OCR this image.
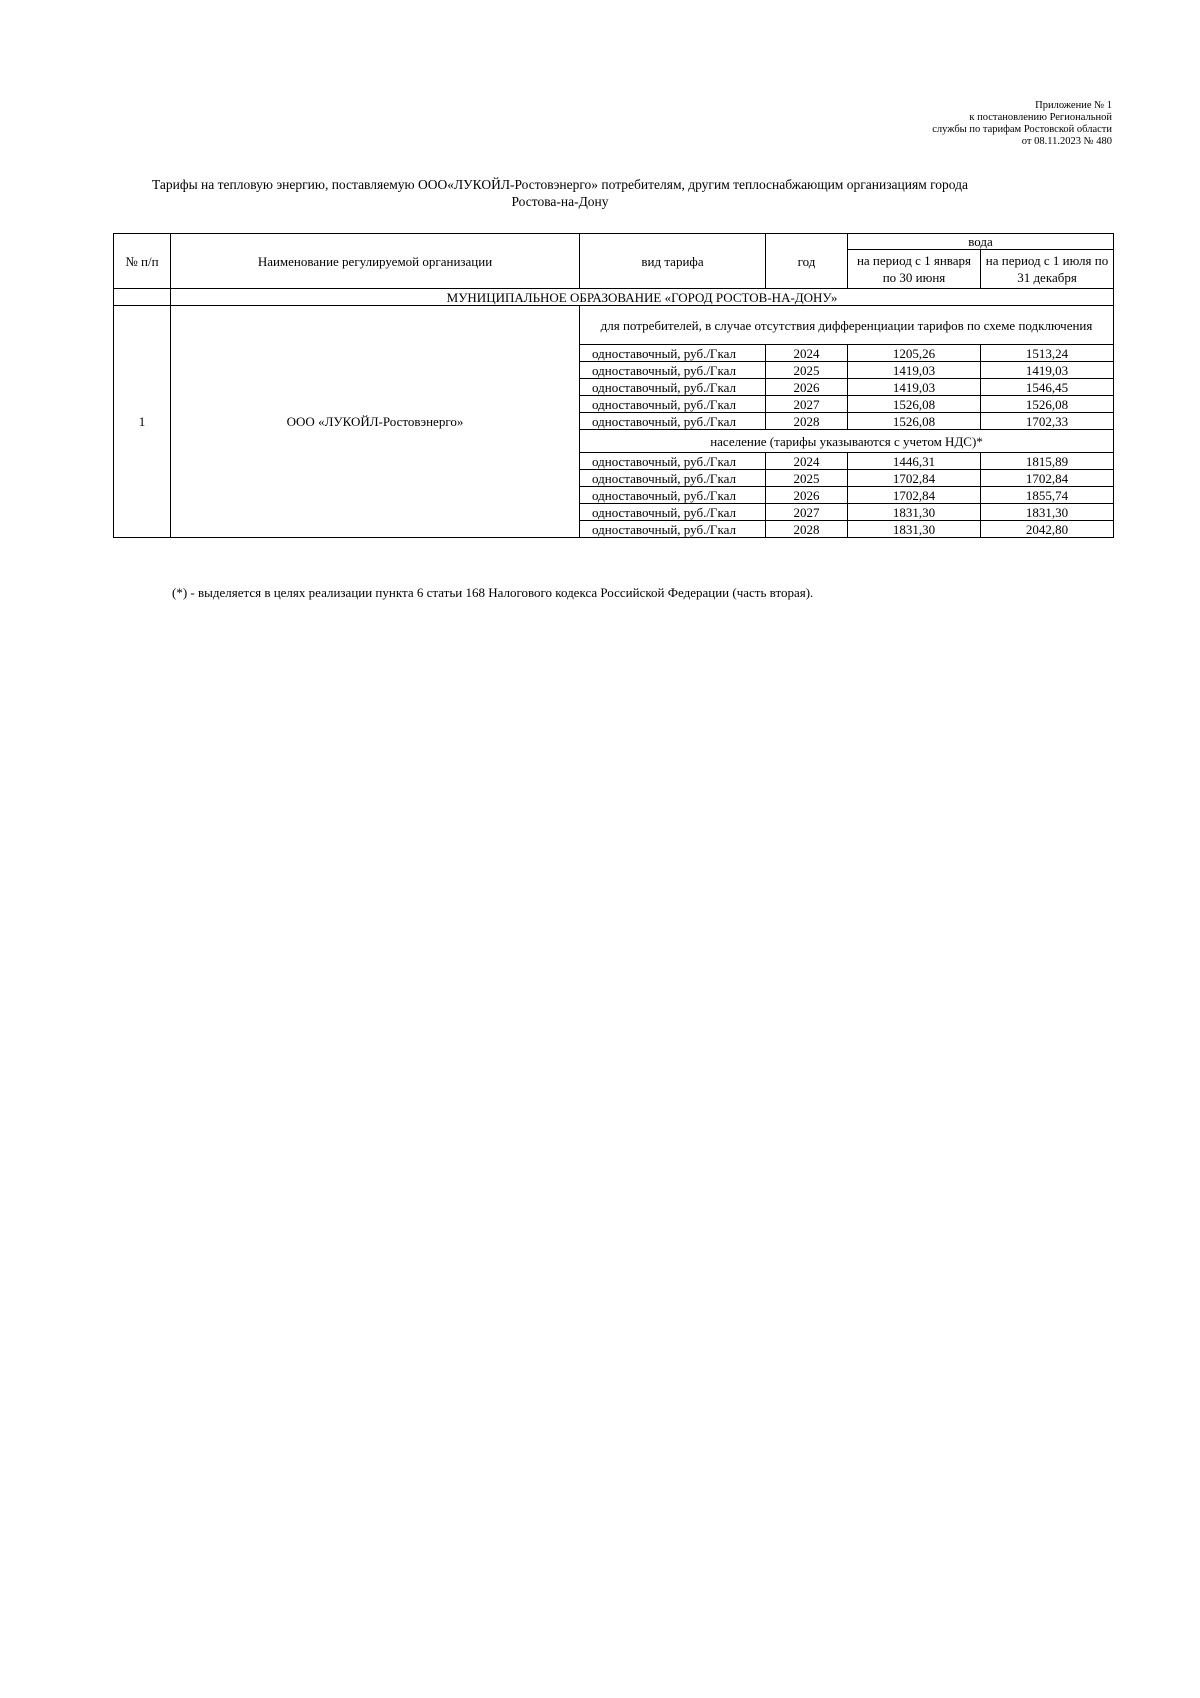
Приложение № 1
к постановлению Региональной
службы по тарифам Ростовской области
от 08.11.2023 № 480
Тарифы на тепловую энергию, поставляемую ООО«ЛУКОЙЛ-Ростовэнерго» потребителям, другим теплоснабжающим организациям города
Ростова-на-Дону
№ п/п	Наименование регулируемой организации	вид тарифа	год	вода	
				на период с 1 января по 30 июня	на период с 1 июля по 31 декабря
	МУНИЦИПАЛЬНОЕ ОБРАЗОВАНИЕ «ГОРОД РОСТОВ-НА-ДОНУ»				
1	ООО «ЛУКОЙЛ-Ростовэнерго»	для потребителей, в случае отсутствия дифференциации тарифов по схеме подключения			
		одноставочный, руб./Гкал	2024	1205,26	1513,24
		одноставочный, руб./Гкал	2025	1419,03	1419,03
		одноставочный, руб./Гкал	2026	1419,03	1546,45
		одноставочный, руб./Гкал	2027	1526,08	1526,08
		одноставочный, руб./Гкал	2028	1526,08	1702,33
		население (тарифы указываются с учетом НДС)*			
		одноставочный, руб./Гкал	2024	1446,31	1815,89
		одноставочный, руб./Гкал	2025	1702,84	1702,84
		одноставочный, руб./Гкал	2026	1702,84	1855,74
		одноставочный, руб./Гкал	2027	1831,30	1831,30
		одноставочный, руб./Гкал	2028	1831,30	2042,80
(*) - выделяется в целях реализации пункта 6 статьи 168 Налогового кодекса Российской Федерации (часть вторая).
